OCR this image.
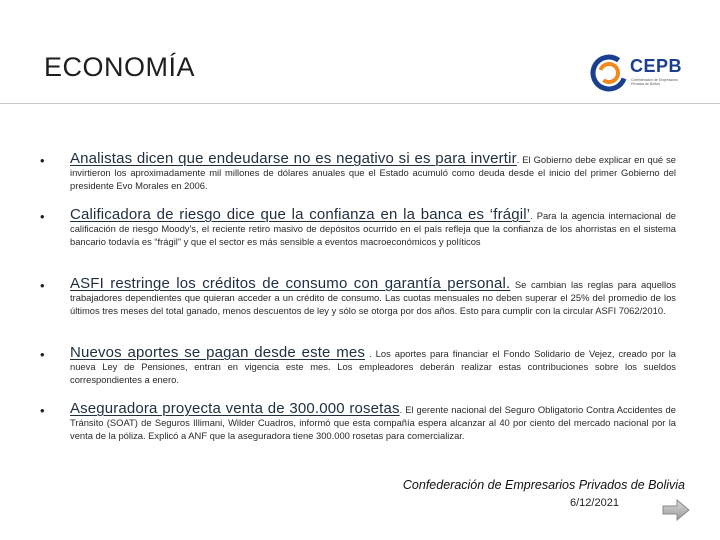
ECONOMÍA	CEPB
Confederación de Empresarios Privados de Bolivia
• Analistas dicen que endeudarse no es negativo si es para invertir. El Gobierno debe explicar en qué se invirtieron los aproximadamente mil millones de dólares anuales que el Estado acumuló como deuda desde el inicio del primer Gobierno del presidente Evo Morales en 2006.
• Calificadora de riesgo dice que la confianza en la banca es ‘frágil’. Para la agencia internacional de calificación de riesgo Moody's, el reciente retiro masivo de depósitos ocurrido en el país refleja que la confianza de los ahorristas en el sistema bancario todavía es “frágil” y que el sector es más sensible a eventos macroeconómicos y políticos
• ASFI restringe los créditos de consumo con garantía personal. Se cambian las reglas para aquellos trabajadores dependientes que quieran acceder a un crédito de consumo. Las cuotas mensuales no deben superar el 25% del promedio de los últimos tres meses del total ganado, menos descuentos de ley y sólo se otorga por dos años. Esto para cumplir con la circular ASFI 7062/2010.
• Nuevos aportes se pagan desde este mes . Los aportes para financiar el Fondo Solidario de Vejez, creado por la nueva Ley de Pensiones, entran en vigencia este mes. Los empleadores deberán realizar estas contribuciones sobre los sueldos correspondientes a enero.
• Aseguradora proyecta venta de 300.000 rosetas. El gerente nacional del Seguro Obligatorio Contra Accidentes de Tránsito (SOAT) de Seguros Illimani, Wilder Cuadros, informó que esta compañía espera alcanzar al 40 por ciento del mercado nacional por la venta de la póliza. Explicó a ANF que la aseguradora tiene 300.000 rosetas para comercializar.
Confederación de Empresarios Privados de Bolivia
6/12/2021
